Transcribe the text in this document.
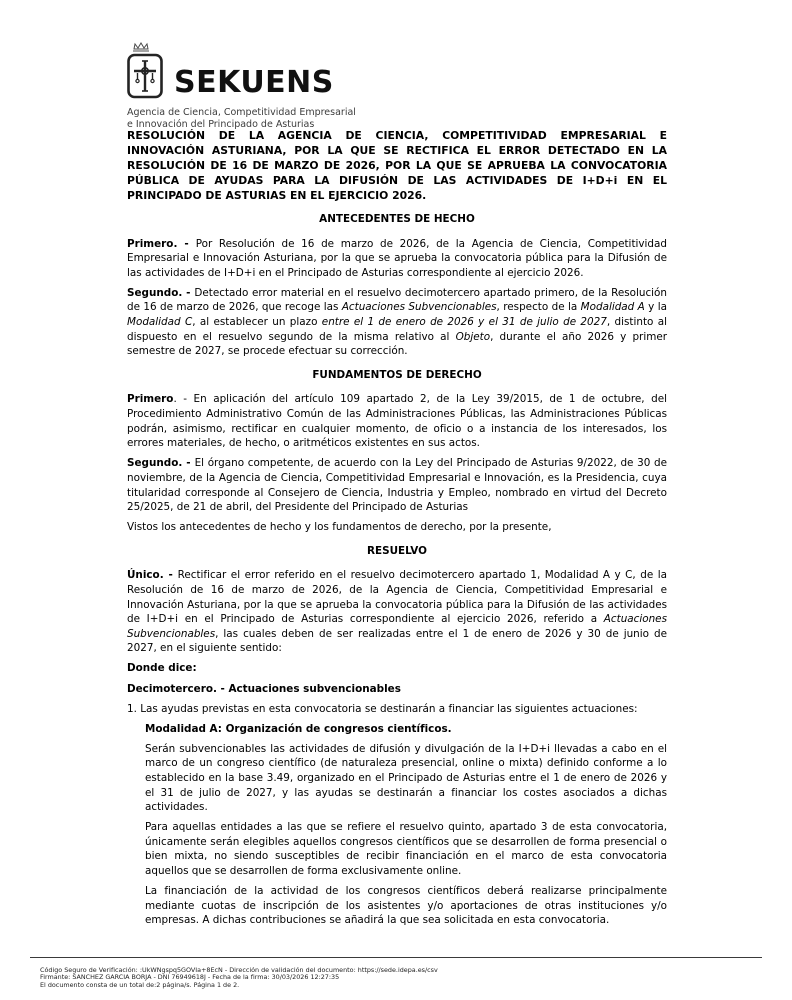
SEKUENS
Agencia de Ciencia, Competitividad Empresarial
e Innovación del Principado de Asturias

RESOLUCIÓN DE LA AGENCIA DE CIENCIA, COMPETITIVIDAD EMPRESARIAL E INNOVACIÓN ASTURIANA, POR LA QUE SE RECTIFICA EL ERROR DETECTADO EN LA RESOLUCIÓN DE 16 DE MARZO DE 2026, POR LA QUE SE APRUEBA LA CONVOCATORIA PÚBLICA DE AYUDAS PARA LA DIFUSIÓN DE LAS ACTIVIDADES DE I+D+i EN EL PRINCIPADO DE ASTURIAS EN EL EJERCICIO 2026.

ANTECEDENTES DE HECHO

Primero. - Por Resolución de 16 de marzo de 2026, de la Agencia de Ciencia, Competitividad Empresarial e Innovación Asturiana, por la que se aprueba la convocatoria pública para la Difusión de las actividades de I+D+i en el Principado de Asturias correspondiente al ejercicio 2026.

Segundo. - Detectado error material en el resuelvo decimotercero apartado primero, de la Resolución de 16 de marzo de 2026, que recoge las Actuaciones Subvencionables, respecto de la Modalidad A y la Modalidad C, al establecer un plazo entre el 1 de enero de 2026 y el 31 de julio de 2027, distinto al dispuesto en el resuelvo segundo de la misma relativo al Objeto, durante el año 2026 y primer semestre de 2027, se procede efectuar su corrección.

FUNDAMENTOS DE DERECHO

Primero. - En aplicación del artículo 109 apartado 2, de la Ley 39/2015, de 1 de octubre, del Procedimiento Administrativo Común de las Administraciones Públicas, las Administraciones Públicas podrán, asimismo, rectificar en cualquier momento, de oficio o a instancia de los interesados, los errores materiales, de hecho, o aritméticos existentes en sus actos.

Segundo. - El órgano competente, de acuerdo con la Ley del Principado de Asturias 9/2022, de 30 de noviembre, de la Agencia de Ciencia, Competitividad Empresarial e Innovación, es la Presidencia, cuya titularidad corresponde al Consejero de Ciencia, Industria y Empleo, nombrado en virtud del Decreto 25/2025, de 21 de abril, del Presidente del Principado de Asturias

Vistos los antecedentes de hecho y los fundamentos de derecho, por la presente,

RESUELVO

Único. - Rectificar el error referido en el resuelvo decimotercero apartado 1, Modalidad A y C, de la Resolución de 16 de marzo de 2026, de la Agencia de Ciencia, Competitividad Empresarial e Innovación Asturiana, por la que se aprueba la convocatoria pública para la Difusión de las actividades de I+D+i en el Principado de Asturias correspondiente al ejercicio 2026, referido a Actuaciones Subvencionables, las cuales deben de ser realizadas entre el 1 de enero de 2026 y 30 de junio de 2027, en el siguiente sentido:

Donde dice:

Decimotercero. - Actuaciones subvencionables

1. Las ayudas previstas en esta convocatoria se destinarán a financiar las siguientes actuaciones:

Modalidad A: Organización de congresos científicos.

Serán subvencionables las actividades de difusión y divulgación de la I+D+i llevadas a cabo en el marco de un congreso científico (de naturaleza presencial, online o mixta) definido conforme a lo establecido en la base 3.49, organizado en el Principado de Asturias entre el 1 de enero de 2026 y el 31 de julio de 2027, y las ayudas se destinarán a financiar los costes asociados a dichas actividades.

Para aquellas entidades a las que se refiere el resuelvo quinto, apartado 3 de esta convocatoria, únicamente serán elegibles aquellos congresos científicos que se desarrollen de forma presencial o bien mixta, no siendo susceptibles de recibir financiación en el marco de esta convocatoria aquellos que se desarrollen de forma exclusivamente online.

La financiación de la actividad de los congresos científicos deberá realizarse principalmente mediante cuotas de inscripción de los asistentes y/o aportaciones de otras instituciones y/o empresas. A dichas contribuciones se añadirá la que sea solicitada en esta convocatoria.

Código Seguro de Verificación: :UkWNgspq5GOVIa+8EcN - Dirección de validación del documento: https://sede.idepa.es/csv
Firmante: SANCHEZ GARCIA BORJA - DNI 76949618J - Fecha de la firma: 30/03/2026 12:27:35
El documento consta de un total de:2 página/s. Página 1 de 2.
